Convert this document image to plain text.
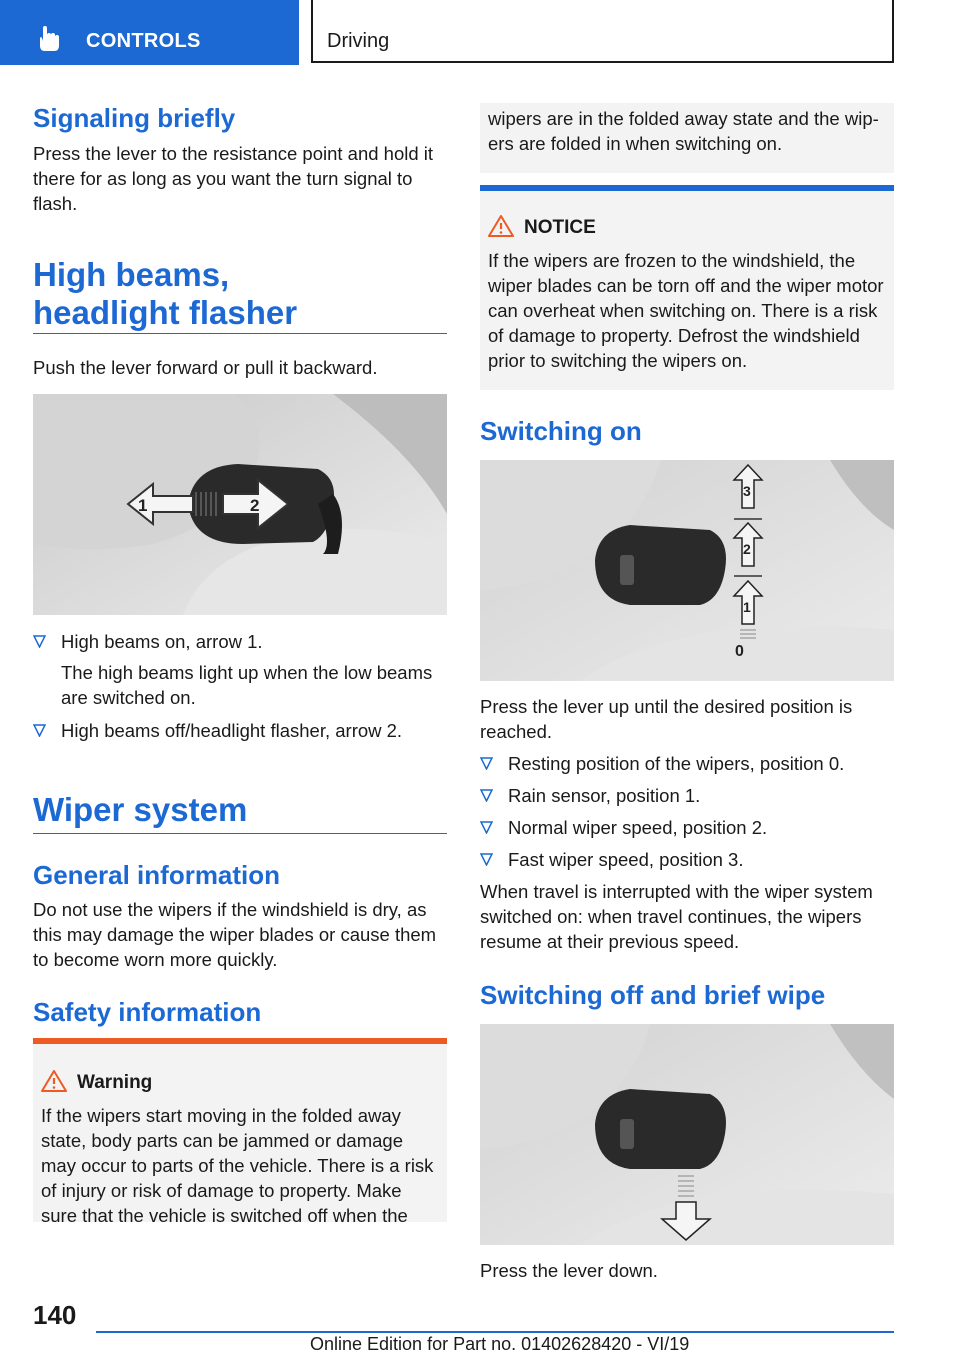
CONTROLS	Driving
Signaling briefly
Press the lever to the resistance point and hold it there for as long as you want the turn signal to flash.
High beams,
headlight flasher
Push the lever forward or pull it backward.
1	2
High beams on, arrow 1.
The high beams light up when the low beams are switched on.
High beams off/headlight flasher, arrow 2.
Wiper system
General information
Do not use the wipers if the windshield is dry, as this may damage the wiper blades or cause them to become worn more quickly.
Safety information
Warning
If the wipers start moving in the folded away state, body parts can be jammed or damage may occur to parts of the vehicle. There is a risk of injury or risk of damage to property. Make sure that the vehicle is switched off when the
wipers are in the folded away state and the wipers are folded in when switching on.
NOTICE
If the wipers are frozen to the windshield, the wiper blades can be torn off and the wiper motor can overheat when switching on. There is a risk of damage to property. Defrost the windshield prior to switching the wipers on.
Switching on
3
2
1
0
Press the lever up until the desired position is reached.
Resting position of the wipers, position 0.
Rain sensor, position 1.
Normal wiper speed, position 2.
Fast wiper speed, position 3.
When travel is interrupted with the wiper system switched on: when travel continues, the wipers resume at their previous speed.
Switching off and brief wipe
Press the lever down.
140
Online Edition for Part no. 01402628420 - VI/19
